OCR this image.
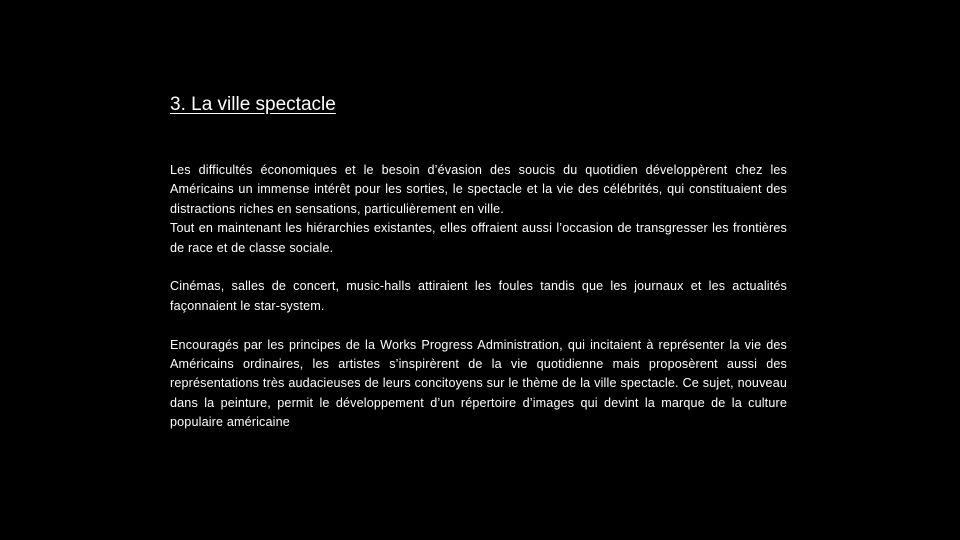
3. La ville spectacle

Les difficultés économiques et le besoin d’évasion des soucis du quotidien développèrent chez les Américains un immense intérêt pour les sorties, le spectacle et la vie des célébrités, qui constituaient des distractions riches en sensations, particulièrement en ville.

Tout en maintenant les hiérarchies existantes, elles offraient aussi l’occasion de transgresser les frontières de race et de classe sociale.

Cinémas, salles de concert, music-halls attiraient les foules tandis que les journaux et les actualités façonnaient le star-system.

Encouragés par les principes de la Works Progress Administration, qui incitaient à représenter la vie des Américains ordinaires, les artistes s’inspirèrent de la vie quotidienne mais proposèrent aussi des représentations très audacieuses de leurs concitoyens sur le thème de la ville spectacle. Ce sujet, nouveau dans la peinture, permit le développement d’un répertoire d’images qui devint la marque de la culture populaire américaine
